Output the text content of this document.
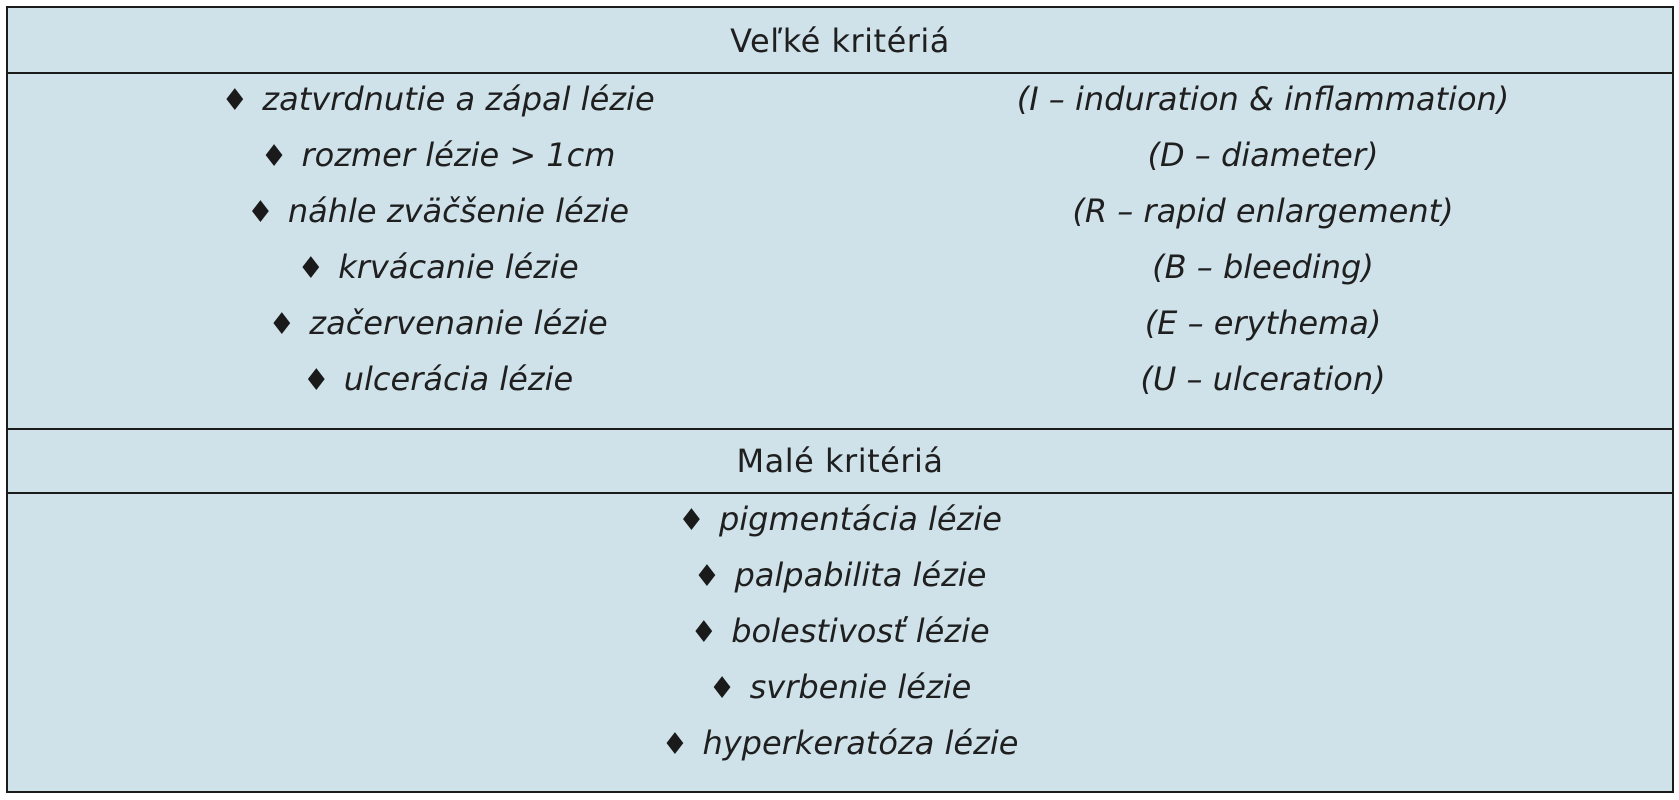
Veľké kritériá
♦ zatvrdnutie a zápal lézie	(I – induration & inflammation)
♦ rozmer lézie > 1cm	(D – diameter)
♦ náhle zväčšenie lézie	(R – rapid enlargement)
♦ krvácanie lézie	(B – bleeding)
♦ začervenanie lézie	(E – erythema)
♦ ulcerácia lézie	(U – ulceration)
Malé kritériá
♦ pigmentácia lézie
♦ palpabilita lézie
♦ bolestivosť lézie
♦ svrbenie lézie
♦ hyperkeratóza lézie
